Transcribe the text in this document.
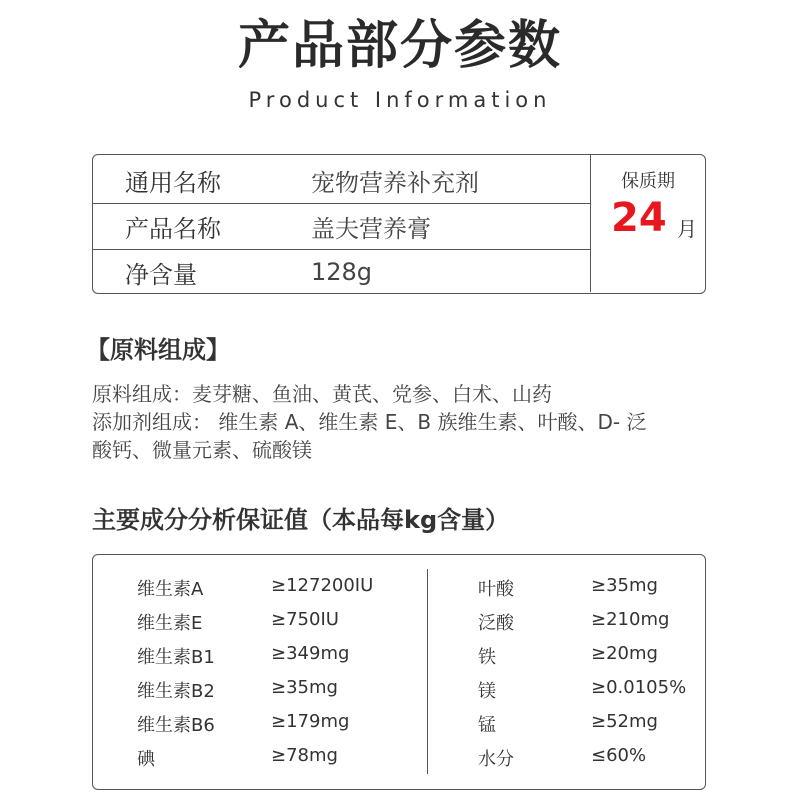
产品部分参数
Product Information
通用名称	宠物营养补充剂
产品名称	盖夫营养膏
净含量	128g
保质期
24 月
【原料组成】
原料组成：麦芽糖、鱼油、黄芪、党参、白术、山药
添加剂组成： 维生素 A、维生素 E、B 族维生素、叶酸、D- 泛
酸钙、微量元素、硫酸镁
主要成分分析保证值（本品每kg含量）
维生素A	≥127200IU
维生素E	≥750IU
维生素B1	≥349mg
维生素B2	≥35mg
维生素B6	≥179mg
碘	≥78mg
叶酸	≥35mg
泛酸	≥210mg
铁	≥20mg
镁	≥0.0105%
锰	≥52mg
水分	≤60%
